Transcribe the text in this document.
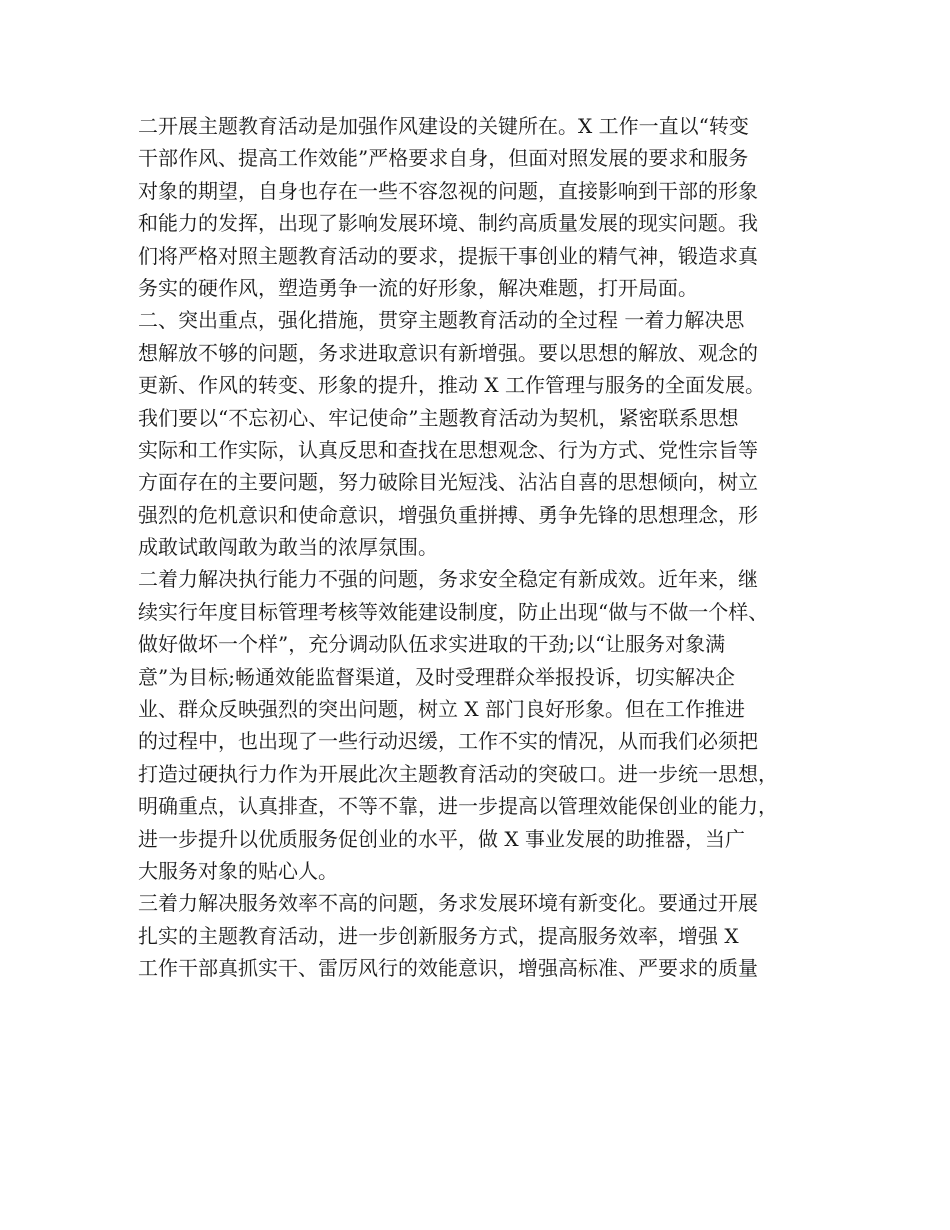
二开展主题教育活动是加强作风建设的关键所在。X 工作一直以“转变
干部作风、提高工作效能”严格要求自身，但面对照发展的要求和服务
对象的期望，自身也存在一些不容忽视的问题，直接影响到干部的形象
和能力的发挥，出现了影响发展环境、制约高质量发展的现实问题。我
们将严格对照主题教育活动的要求，提振干事创业的精气神，锻造求真
务实的硬作风，塑造勇争一流的好形象，解决难题，打开局面。
二、突出重点，强化措施，贯穿主题教育活动的全过程 一着力解决思
想解放不够的问题，务求进取意识有新增强。要以思想的解放、观念的
更新、作风的转变、形象的提升，推动 X 工作管理与服务的全面发展。
我们要以“不忘初心、牢记使命”主题教育活动为契机，紧密联系思想
实际和工作实际，认真反思和查找在思想观念、行为方式、党性宗旨等
方面存在的主要问题，努力破除目光短浅、沾沾自喜的思想倾向，树立
强烈的危机意识和使命意识，增强负重拼搏、勇争先锋的思想理念，形
成敢试敢闯敢为敢当的浓厚氛围。
二着力解决执行能力不强的问题，务求安全稳定有新成效。近年来，继
续实行年度目标管理考核等效能建设制度，防止出现“做与不做一个样、
做好做坏一个样”，充分调动队伍求实进取的干劲;以“让服务对象满
意”为目标;畅通效能监督渠道，及时受理群众举报投诉，切实解决企
业、群众反映强烈的突出问题，树立 X 部门良好形象。但在工作推进
的过程中，也出现了一些行动迟缓，工作不实的情况，从而我们必须把
打造过硬执行力作为开展此次主题教育活动的突破口。进一步统一思想，
明确重点，认真排查，不等不靠，进一步提高以管理效能保创业的能力，
进一步提升以优质服务促创业的水平，做 X 事业发展的助推器，当广
大服务对象的贴心人。
三着力解决服务效率不高的问题，务求发展环境有新变化。要通过开展
扎实的主题教育活动，进一步创新服务方式，提高服务效率，增强 X
工作干部真抓实干、雷厉风行的效能意识，增强高标准、严要求的质量
